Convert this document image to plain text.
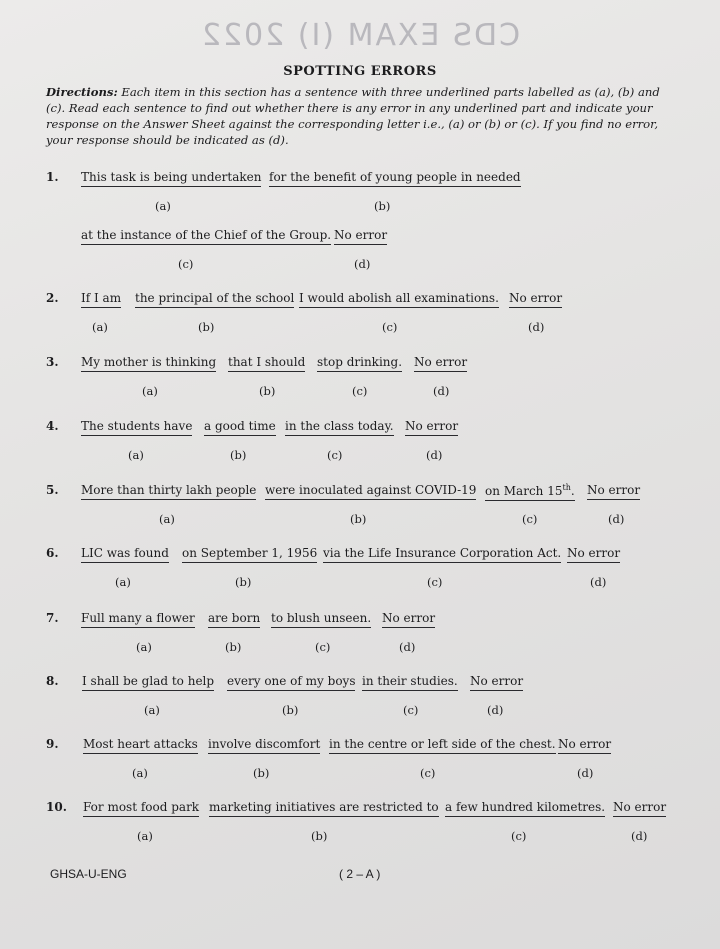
CDS EXAM (I) 2022
SPOTTING ERRORS
Directions: Each item in this section has a sentence with three underlined parts labelled as (a), (b) and (c). Read each sentence to find out whether there is any error in any underlined part and indicate your response on the Answer Sheet against the corresponding letter i.e., (a) or (b) or (c). If you find no error, your response should be indicated as (d).
1. This task is being undertaken for the benefit of young people in needed
(a)	(b)
at the instance of the Chief of the Group. No error
(c)	(d)
2. If I am the principal of the school I would abolish all examinations. No error
(a)	(b)	(c)	(d)
3. My mother is thinking that I should stop drinking. No error
(a)	(b)	(c)	(d)
4. The students have a good time in the class today. No error
(a)	(b)	(c)	(d)
5. More than thirty lakh people were inoculated against COVID-19 on March 15th. No error
(a)	(b)	(c)	(d)
6. LIC was found on September 1, 1956 via the Life Insurance Corporation Act. No error
(a)	(b)	(c)	(d)
7. Full many a flower are born to blush unseen. No error
(a)	(b)	(c)	(d)
8. I shall be glad to help every one of my boys in their studies. No error
(a)	(b)	(c)	(d)
9. Most heart attacks involve discomfort in the centre or left side of the chest. No error
(a)	(b)	(c)	(d)
10. For most food park marketing initiatives are restricted to a few hundred kilometres. No error
(a)	(b)	(c)	(d)
GHSA-U-ENG	( 2 – A )
